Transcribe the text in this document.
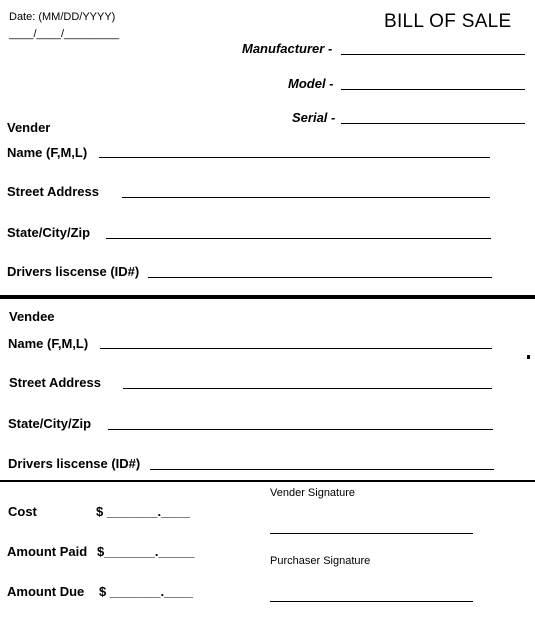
Date: (MM/DD/YYYY)
____/____/_________
BILL OF SALE
Manufacturer -
Model -
Serial -
Vender
Name (F,M,L)
Street Address
State/City/Zip
Drivers liscense (ID#)
Vendee
Name (F,M,L)
Street Address
State/City/Zip
Drivers liscense (ID#)
Cost	$ _______.____
Amount Paid $_______._____
Amount Due $ _______.____
Vender Signature
Purchaser Signature
